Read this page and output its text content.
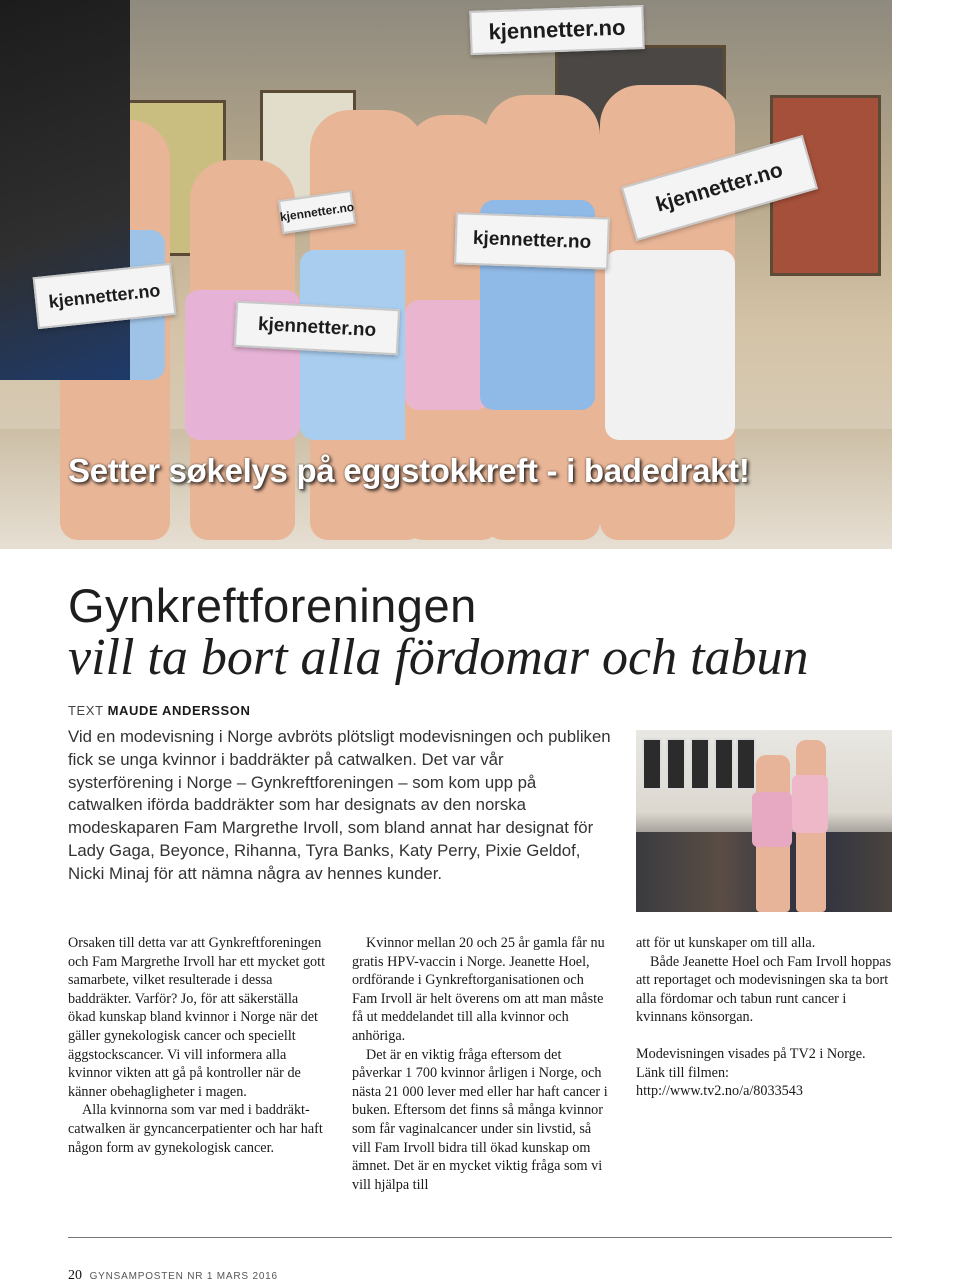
kjennetter.no
kjennetter.no
kjennetter.no
kjennetter.no
kjennetter.no
kjennetter.no
Setter søkelys på eggstokkreft - i badedrakt!
Gynkreftforeningen
vill ta bort alla fördomar och tabun
TEXT MAUDE ANDERSSON

Vid en modevisning i Norge avbröts plötsligt modevisningen och publiken fick se unga kvinnor i baddräkter på catwalken. Det var vår systerförening i Norge – Gynkreftforeningen – som kom upp på catwalken iförda baddräkter som har designats av den norska modeskaparen Fam Margrethe Irvoll, som bland annat har designat för Lady Gaga, Beyonce, Rihanna, Tyra Banks, Katy Perry, Pixie Geldof, Nicki Minaj för att nämna några av hennes kunder.

Orsaken till detta var att Gynkreftforeningen och Fam Margrethe Irvoll har ett mycket gott samarbete, vilket resulterade i dessa baddräkter. Varför? Jo, för att säkerställa ökad kunskap bland kvinnor i Norge när det gäller gynekologisk cancer och speciellt äggstockscancer. Vi vill informera alla kvinnor vikten att gå på kontroller när de känner obehagligheter i magen.

Alla kvinnorna som var med i baddräkt-catwalken är gyncancerpatienter och har haft någon form av gynekologisk cancer.

Kvinnor mellan 20 och 25 år gamla får nu gratis HPV-vaccin i Norge. Jeanette Hoel, ordförande i Gynkreftorganisationen och Fam Irvoll är helt överens om att man måste få ut meddelandet till alla kvinnor och anhöriga.

Det är en viktig fråga eftersom det påverkar 1 700 kvinnor årligen i Norge, och nästa 21 000 lever med eller har haft cancer i buken. Eftersom det finns så många kvinnor som får vaginalcancer under sin livstid, så vill Fam Irvoll bidra till ökad kunskap om ämnet. Det är en mycket viktig fråga som vi vill hjälpa till

att för ut kunskaper om till alla.

Både Jeanette Hoel och Fam Irvoll hoppas att reportaget och modevisningen ska ta bort alla fördomar och tabun runt cancer i kvinnans könsorgan.

Modevisningen visades på TV2 i Norge. Länk till filmen: http://www.tv2.no/a/8033543

20 GYNSAMPOSTEN NR 1 MARS 2016
